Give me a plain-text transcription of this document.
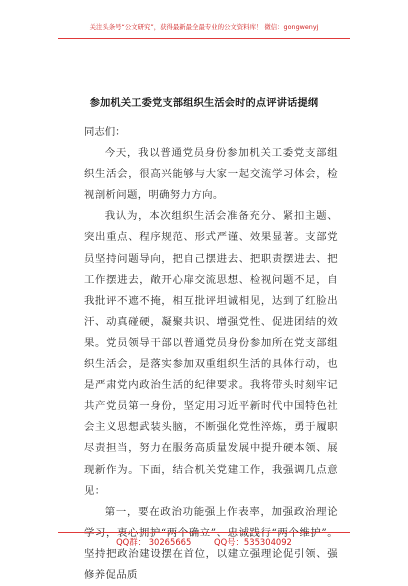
关注头条号“公文研究”，获得最新最全最专业的公文资料库！ 微信：gongwenyj
参加机关工委党支部组织生活会时的点评讲话提纲

同志们：

今天，我以普通党员身份参加机关工委党支部组织生活会，很高兴能够与大家一起交流学习体会，检视剖析问题，明确努力方向。

我认为，本次组织生活会准备充分、紧扣主题、突出重点、程序规范、形式严谨、效果显著。支部党员坚持问题导向，把自己摆进去、把职责摆进去、把工作摆进去，敞开心扉交流思想、检视问题不足，自我批评不遮不掩，相互批评坦诚相见，达到了红脸出汗、动真碰硬，凝聚共识、增强党性、促进团结的效果。党员领导干部以普通党员身份参加所在党支部组织生活会，是落实参加双重组织生活的具体行动，也是严肃党内政治生活的纪律要求。我将带头时刻牢记共产党员第一身份，坚定用习近平新时代中国特色社会主义思想武装头脑，不断强化党性淬炼，勇于履职尽责担当，努力在服务高质量发展中提升硬本领、展现新作为。下面，结合机关党建工作，我强调几点意见：

第一，要在政治功能强上作表率，加强政治理论学习，衷心拥护“两个确立”、忠诚践行“两个维护”。坚持把政治建设摆在首位，以建立强理论促引领、强修养促品质

QQ群： 30265665	QQ号：535304092
